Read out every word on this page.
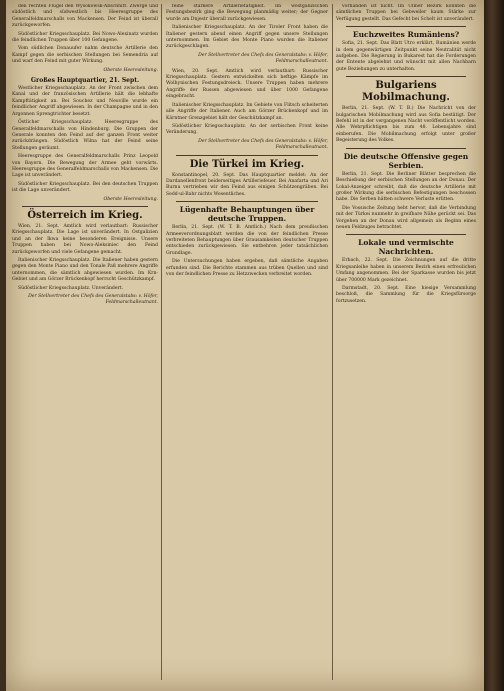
den rechten Flügel den Wysokowsk-Abschnitt. Zwerge und südöstlich und südwestlich bis Heeresgruppe des Generalfeldmarschalls von Mackensen. Der Feind ist überall zurückgeworfen.

Südöstlicher Kriegsschauplatz. Bei Nowo-Alexinatz wurden die feindlichen Truppen über 100 Gefangene.

Vom südlichen Donauufer nahm deutsche Artillerie den Kampf gegen die serbischen Stellungen bei Semendria auf und warf den Feind mit guter Wirkung.

Oberste Heeresleitung.
Großes Hauptquartier, 21. Sept.

Westlicher Kriegsschauplatz. An der Front zwischen dem Kanal und der französischen Artillerie hält die lebhafte Kampftätigkeit an. Bei Souchez und Neuville wurde ein feindlicher Angriff abgewiesen. In der Champagne und in den Argonnen Sprengtrichter besetzt.

Östlicher Kriegsschauplatz. Heeresgruppe des Generalfeldmarschalls von Hindenburg. Die Gruppen der Generale konnten den Feind auf der ganzen Front weiter zurückdrängen. Südöstlich Wilna hat der Feind seine Stellungen geräumt.

Heeresgruppe des Generalfeldmarschalls Prinz Leopold von Bayern. Die Bewegung der Armee geht vorwärts. Heeresgruppe des Generalfeldmarschalls von Mackensen. Die Lage ist unverändert.

Südöstlicher Kriegsschauplatz. Bei den deutschen Truppen ist die Lage unverändert.

Oberste Heeresleitung.
Österreich im Krieg.

Wien, 21. Sept. Amtlich wird verlautbart: Russischer Kriegsschauplatz. Die Lage ist unverändert. In Ostgalizien und an der Ikwa keine besonderen Ereignisse. Unsere Truppen haben bei Nowo-Aleksiniec den Feind zurückgeworfen und viele Gefangene gemacht.

Italienischer Kriegsschauplatz. Die Italiener haben gestern gegen den Monte Piano und den Tonale Paß mehrere Angriffe unternommen, die sämtlich abgewiesen wurden. Im Krn-Gebiet und am Görzer Brückenkopf herrscht Geschützkampf.

Südöstlicher Kriegsschauplatz. Unverändert.

Der Stellvertreter des Chefs des Generalstabs: v. Höfer, Feldmarschalleutnant.

feine stärkere Artillerietätigkeit. Im westgalizischen Festungsbezirk ging die Bewegung planmäßig weiter; der Gegner wurde am Dnjestr überall zurückgewiesen.

Italienischer Kriegsschauplatz. An der Tiroler Front haben die Italiener gestern abend einen Angriff gegen unsere Stellungen unternommen. Im Gebiet des Monte Piano wurden die Italiener zurückgeschlagen.

Der Stellvertreter des Chefs des Generalstabs: v. Höfer, Feldmarschalleutnant.

Wien, 20. Sept. Amtlich wird verlautbart: Russischer Kriegsschauplatz. Gestern entwickelten sich heftige Kämpfe im Wolhynischen Festungsdreieck. Unsere Truppen haben mehrere Angriffe der Russen abgewiesen und über 1000 Gefangene eingebracht.

Italienischer Kriegsschauplatz. Im Gebiete von Flitsch scheiterten alle Angriffe der Italiener. Auch am Görzer Brückenkopf und im Kärntner Grenzgebiet hält der Geschützkampf an.

Südöstlicher Kriegsschauplatz. An der serbischen Front keine Veränderung.

Der Stellvertreter des Chefs des Generalstabs: v. Höfer, Feldmarschalleutnant.
Die Türkei im Krieg.

Konstantinopel, 20. Sept. Das Hauptquartier meldet: An der Dardanellenfront beiderseitiges Artilleriefeuer. Bei Anafarta und Ari Burnu vertrieben wir den Feind aus einigen Schützengräben. Bei Sedd-ul-Bahr nichts Wesentliches.

Lügenhafte Behauptungen über deutsche Truppen.

Berlin, 21. Sept. (W. T. B. Amtlich.) Nach dem preußischen Armeeverordnungsblatt werden die von der feindlichen Presse verbreiteten Behauptungen über Grausamkeiten deutscher Truppen entschieden zurückgewiesen. Sie entbehren jeder tatsächlichen Grundlage.

Die Untersuchungen haben ergeben, daß sämtliche Angaben erfunden sind. Die Berichte stammen aus trüben Quellen und sind von der feindlichen Presse zu Hetzzwecken verbreitet worden.

vorhanden ist nicht. Im Ulmer Bezirk konnten die sämtlichen Truppen bei Gebweiler kaum Stärke zur Verfügung gestellt. Das Gefecht bei Schelt ist unverändert.

Euchzweites Rumäniens?

Sofia, 21. Sept. Das Blatt Utro erklärt, Rumänien werde in dem gegenwärtigen Zeitpunkt seine Neutralität nicht aufgeben. Die Regierung in Bukarest hat die Forderungen der Entente abgelehnt und wünscht mit allen Nachbarn gute Beziehungen zu unterhalten.

Bulgariens Mobilmachung.

Berlin, 21. Sept. (W. T. B.) Die Nachricht von der bulgarischen Mobilmachung wird aus Sofia bestätigt. Der Befehl ist in der vergangenen Nacht veröffentlicht worden. Alle Wehrpflichtigen bis zum 48. Lebensjahre sind einberufen. Die Mobilmachung erfolgt unter großer Begeisterung des Volkes.

Die deutsche Offensive gegen Serbien.

Berlin, 21. Sept. Die Berliner Blätter besprechen die Beschießung der serbischen Stellungen an der Donau. Der Lokal-Anzeiger schreibt, daß die deutsche Artillerie mit großer Wirkung die serbischen Befestigungen beschossen habe. Die Serben hätten schwere Verluste erlitten.

Die Vossische Zeitung hebt hervor, daß die Verbindung mit der Türkei nunmehr in greifbare Nähe gerückt sei. Das Vorgehen an der Donau wird allgemein als Beginn eines neuen Feldzuges betrachtet.

Lokale und vermischte Nachrichten.

Erbach, 22. Sept. Die Zeichnungen auf die dritte Kriegsanleihe haben in unserem Bezirk einen erfreulichen Umfang angenommen. Bei der Sparkasse wurden bis jetzt über 700000 Mark gezeichnet.

Darmstadt, 20. Sept. Eine hiesige Versammlung beschloß, die Sammlung für die Kriegsfürsorge fortzusetzen.
